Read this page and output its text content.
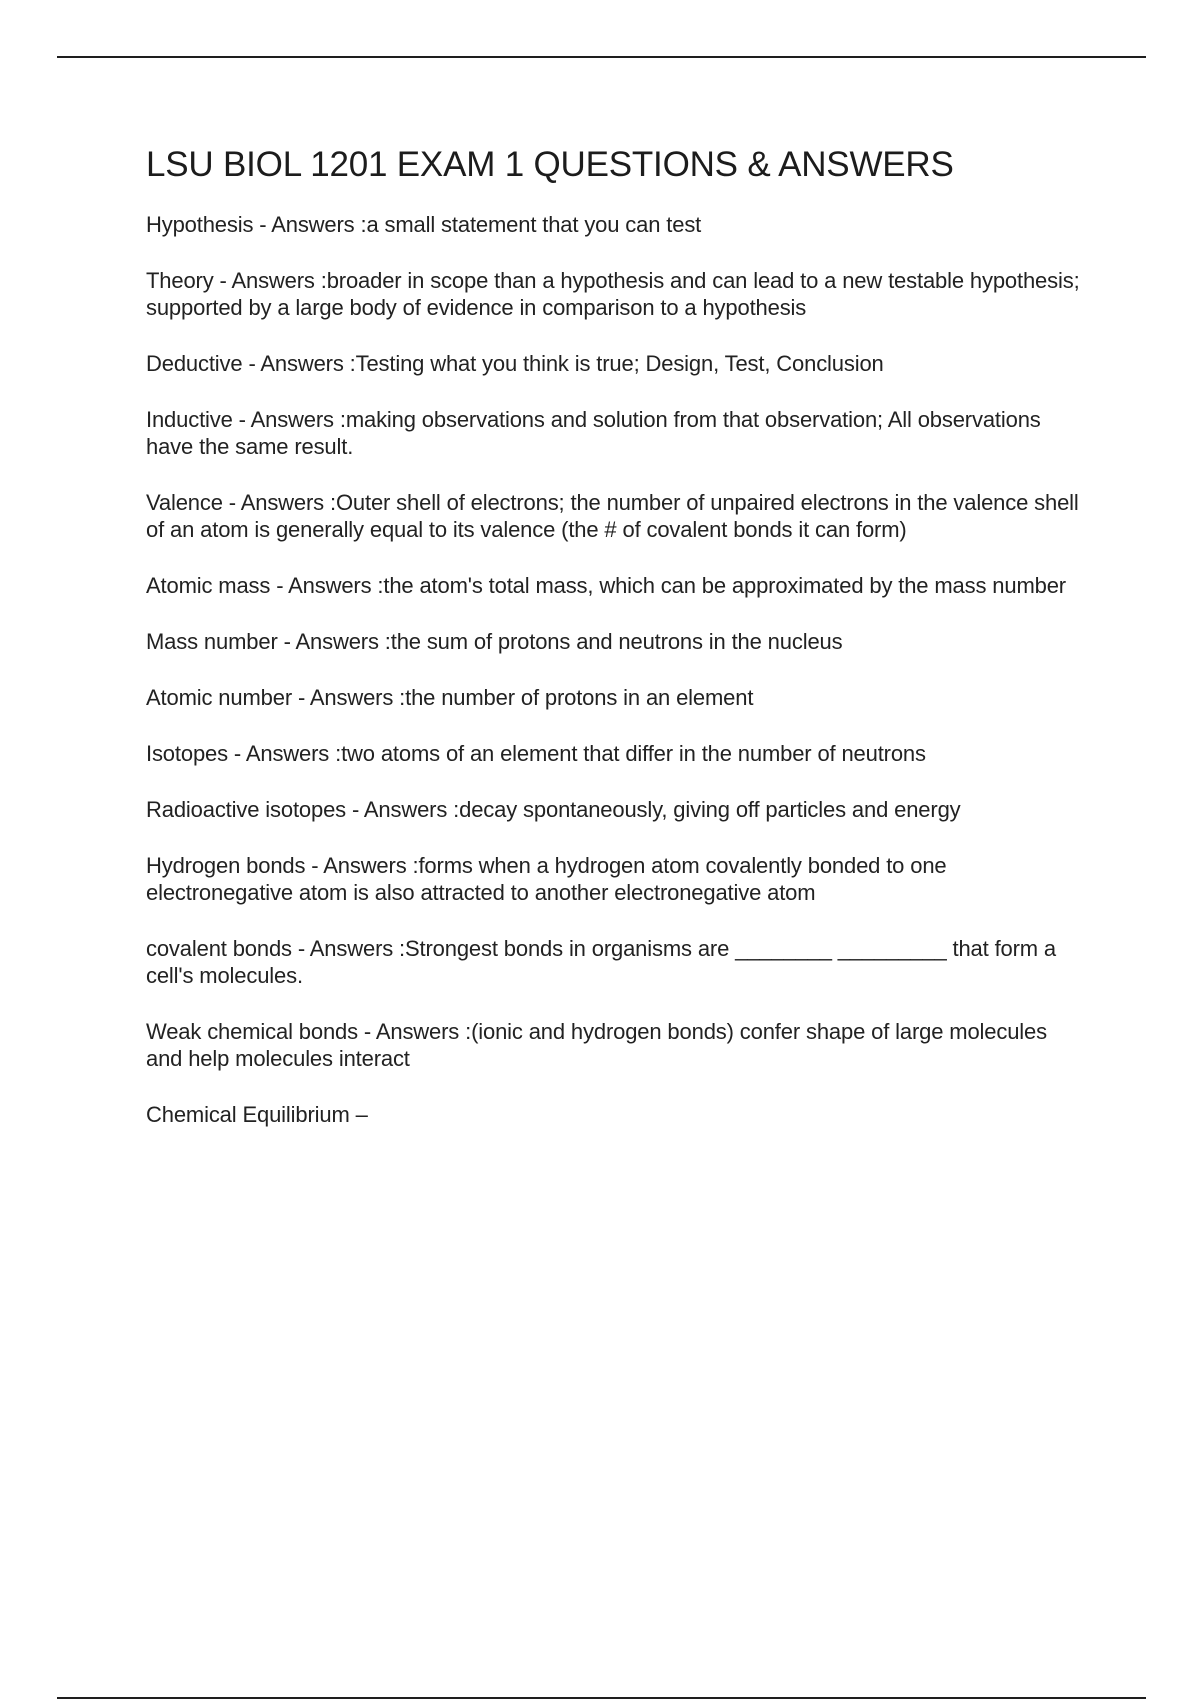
LSU BIOL 1201 EXAM 1 QUESTIONS & ANSWERS

Hypothesis - Answers :a small statement that you can test

Theory - Answers :broader in scope than a hypothesis and can lead to a new testable hypothesis; supported by a large body of evidence in comparison to a hypothesis

Deductive - Answers :Testing what you think is true; Design, Test, Conclusion

Inductive - Answers :making observations and solution from that observation; All observations have the same result.

Valence - Answers :Outer shell of electrons; the number of unpaired electrons in the valence shell of an atom is generally equal to its valence (the # of covalent bonds it can form)

Atomic mass - Answers :the atom's total mass, which can be approximated by the mass number

Mass number - Answers :the sum of protons and neutrons in the nucleus

Atomic number - Answers :the number of protons in an element

Isotopes - Answers :two atoms of an element that differ in the number of neutrons

Radioactive isotopes - Answers :decay spontaneously, giving off particles and energy

Hydrogen bonds - Answers :forms when a hydrogen atom covalently bonded to one electronegative atom is also attracted to another electronegative atom

covalent bonds - Answers :Strongest bonds in organisms are ________ _________ that form a cell's molecules.

Weak chemical bonds - Answers :(ionic and hydrogen bonds) confer shape of large molecules and help molecules interact

Chemical Equilibrium –
